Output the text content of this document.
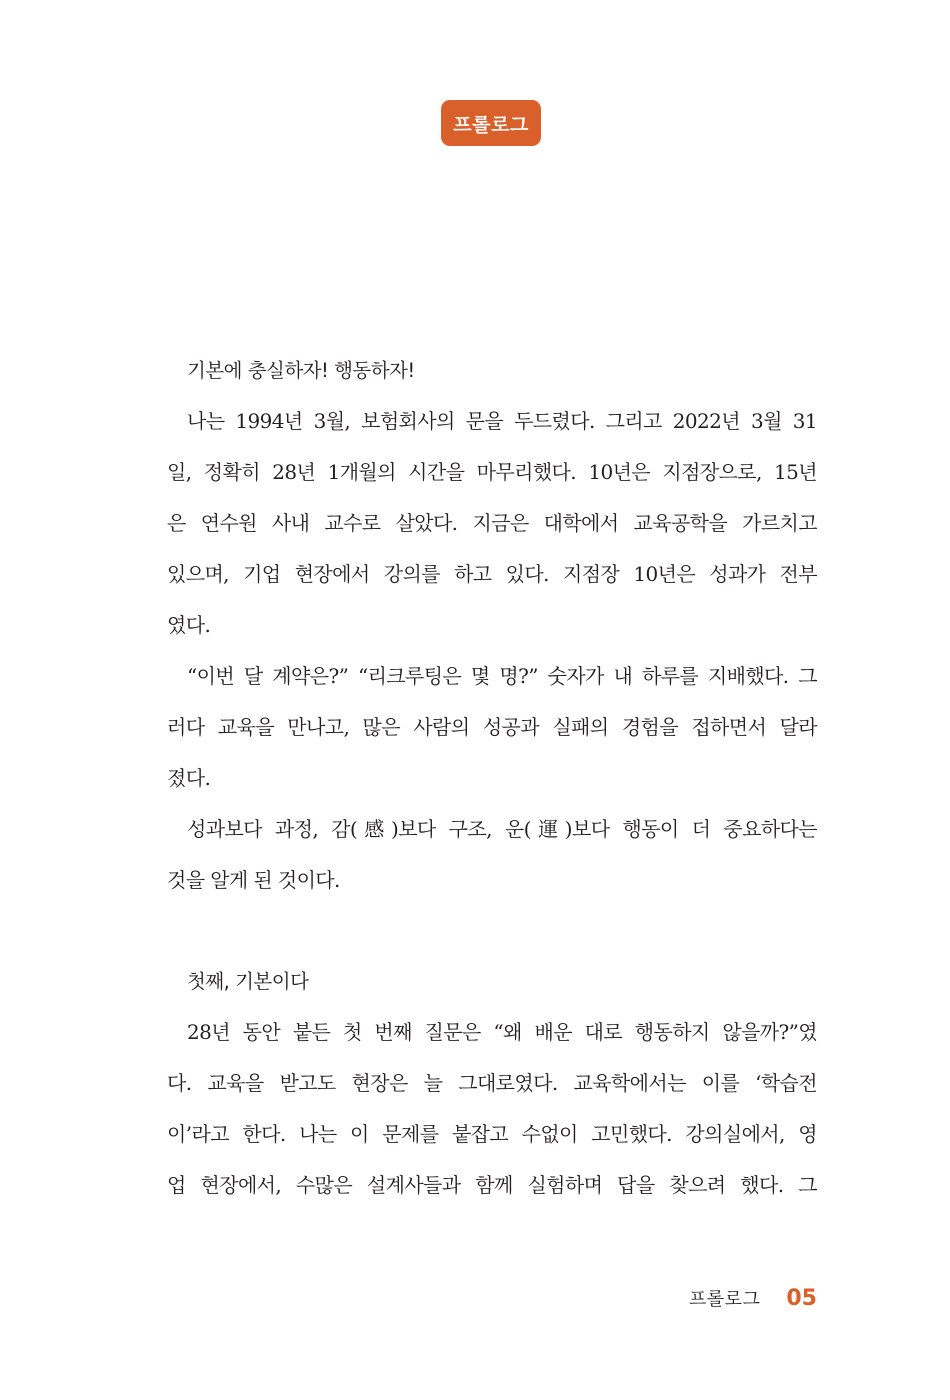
프롤로그
기본에 충실하자! 행동하자!
나는 1994년 3월, 보험회사의 문을 두드렸다. 그리고 2022년 3월 31
일, 정확히 28년 1개월의 시간을 마무리했다. 10년은 지점장으로, 15년
은 연수원 사내 교수로 살았다. 지금은 대학에서 교육공학을 가르치고
있으며, 기업 현장에서 강의를 하고 있다. 지점장 10년은 성과가 전부
였다.
“이번 달 계약은?” “리크루팅은 몇 명?” 숫자가 내 하루를 지배했다. 그
러다 교육을 만나고, 많은 사람의 성공과 실패의 경험을 접하면서 달라
졌다.
성과보다 과정, 감(感)보다 구조, 운(運)보다 행동이 더 중요하다는
것을 알게 된 것이다.
첫째, 기본이다
28년 동안 붙든 첫 번째 질문은 “왜 배운 대로 행동하지 않을까?”였
다. 교육을 받고도 현장은 늘 그대로였다. 교육학에서는 이를 ‘학습전
이’라고 한다. 나는 이 문제를 붙잡고 수없이 고민했다. 강의실에서, 영
업 현장에서, 수많은 설계사들과 함께 실험하며 답을 찾으려 했다. 그
프롤로그 05
